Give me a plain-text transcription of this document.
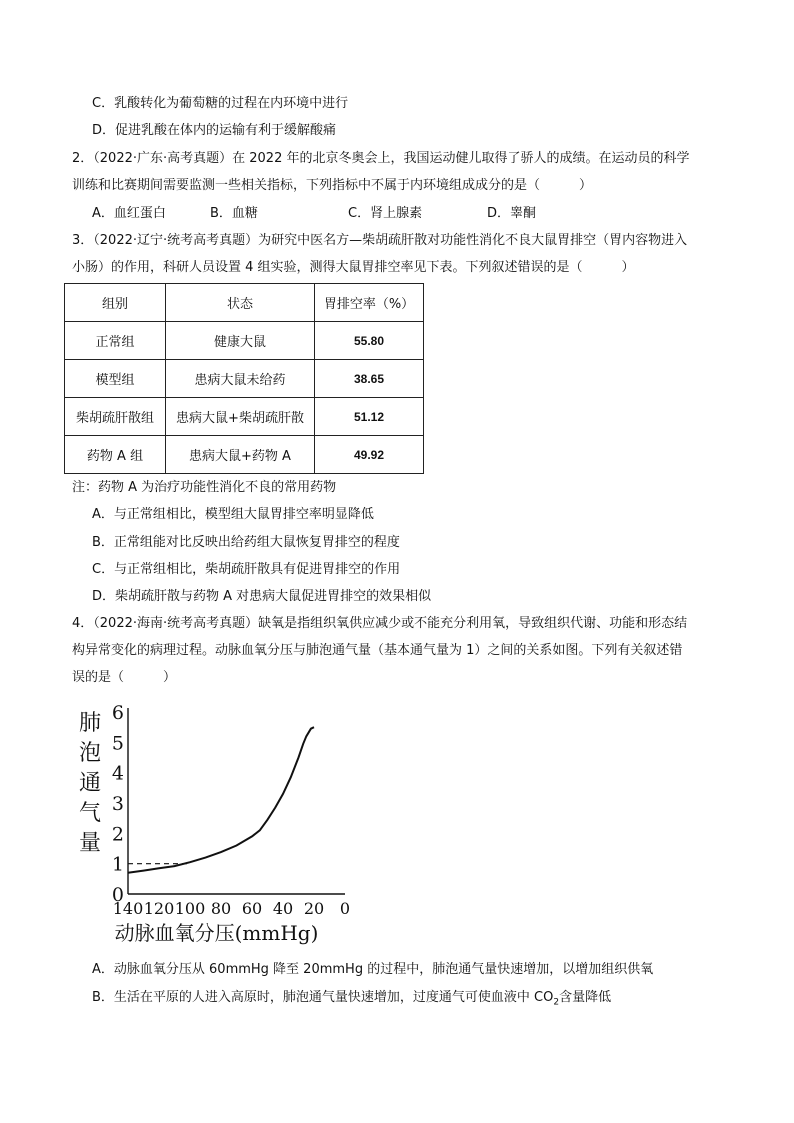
C．乳酸转化为葡萄糖的过程在内环境中进行
D．促进乳酸在体内的运输有利于缓解酸痛
2．（2022·广东·高考真题）在 2022 年的北京冬奥会上，我国运动健儿取得了骄人的成绩。在运动员的科学
训练和比赛期间需要监测一些相关指标，下列指标中不属于内环境组成成分的是（　　　）
A．血红蛋白	B．血糖	C．肾上腺素	D．睾酮
3．（2022·辽宁·统考高考真题）为研究中医名方—柴胡疏肝散对功能性消化不良大鼠胃排空（胃内容物进入
小肠）的作用，科研人员设置 4 组实验，测得大鼠胃排空率见下表。下列叙述错误的是（　　　）
组别	状态	胃排空率（%）
正常组	健康大鼠	55.80
模型组	患病大鼠未给药	38.65
柴胡疏肝散组	患病大鼠+柴胡疏肝散	51.12
药物 A 组	患病大鼠+药物 A	49.92
注：药物 A 为治疗功能性消化不良的常用药物
A．与正常组相比，模型组大鼠胃排空率明显降低
B．正常组能对比反映出给药组大鼠恢复胃排空的程度
C．与正常组相比，柴胡疏肝散具有促进胃排空的作用
D．柴胡疏肝散与药物 A 对患病大鼠促进胃排空的效果相似
4．（2022·海南·统考高考真题）缺氧是指组织氧供应减少或不能充分利用氧，导致组织代谢、功能和形态结
构异常变化的病理过程。动脉血氧分压与肺泡通气量（基本通气量为 1）之间的关系如图。下列有关叙述错
误的是（　　　）
肺
泡
通
气
量
0
1
2
3
4
5
6
140 120 100 80 60 40 20 0
动脉血氧分压(mmHg)
A．动脉血氧分压从 60mmHg 降至 20mmHg 的过程中，肺泡通气量快速增加，以增加组织供氧
B．生活在平原的人进入高原时，肺泡通气量快速增加，过度通气可使血液中 $CO_2$含量降低
